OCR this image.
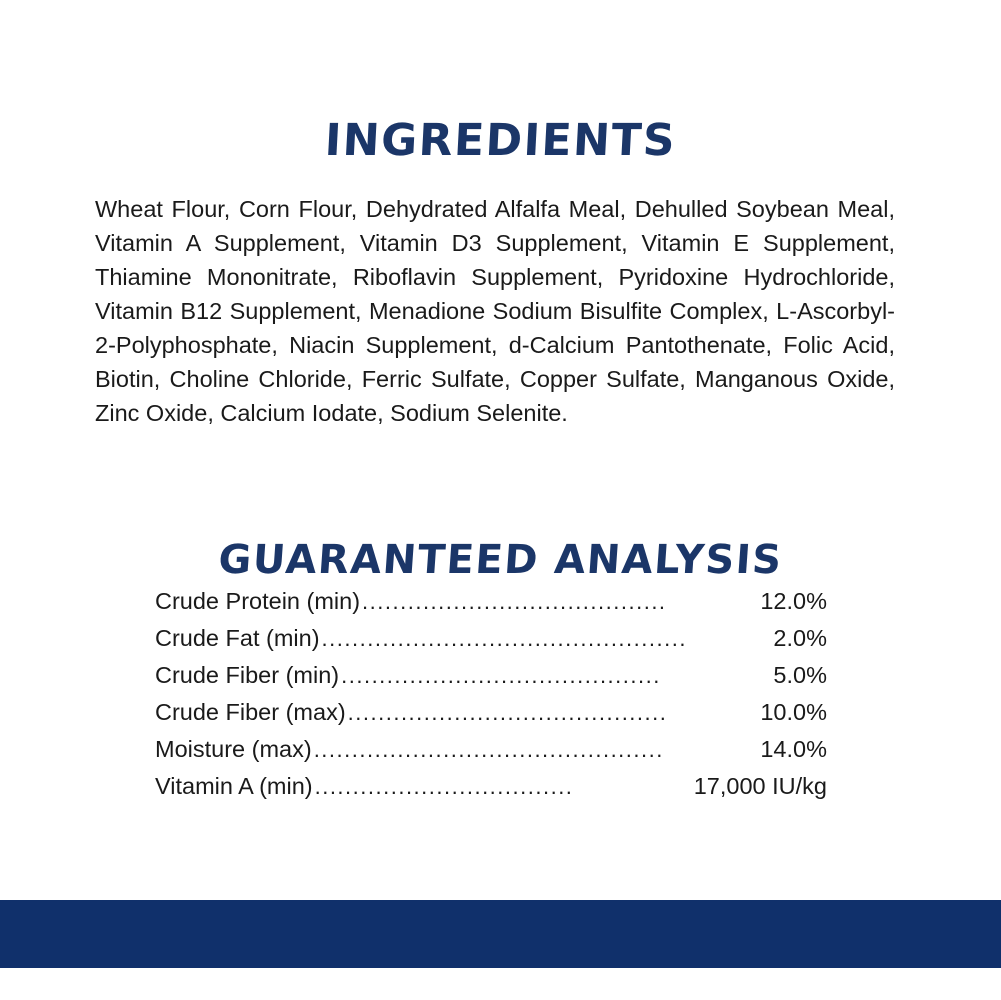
INGREDIENTS

Wheat Flour, Corn Flour, Dehydrated Alfalfa Meal, Dehulled Soybean Meal, Vitamin A Supplement, Vitamin D3 Supplement, Vitamin E Supplement, Thiamine Mononitrate, Riboflavin Supplement, Pyridoxine Hydrochloride, Vitamin B12 Supplement, Menadione Sodium Bisulfite Complex, L-Ascorbyl-2-Polyphosphate, Niacin Supplement, d-Calcium Pantothenate, Folic Acid, Biotin, Choline Chloride, Ferric Sulfate, Copper Sulfate, Manganous Oxide, Zinc Oxide, Calcium Iodate, Sodium Selenite.

GUARANTEED ANALYSIS
Crude Protein (min) ........................................	12.0%
Crude Fat (min) ................................................	2.0%
Crude Fiber (min) ..........................................	5.0%
Crude Fiber (max) ..........................................	10.0%
Moisture (max) ..............................................	14.0%
Vitamin A (min) ..................................	17,000 IU/kg
